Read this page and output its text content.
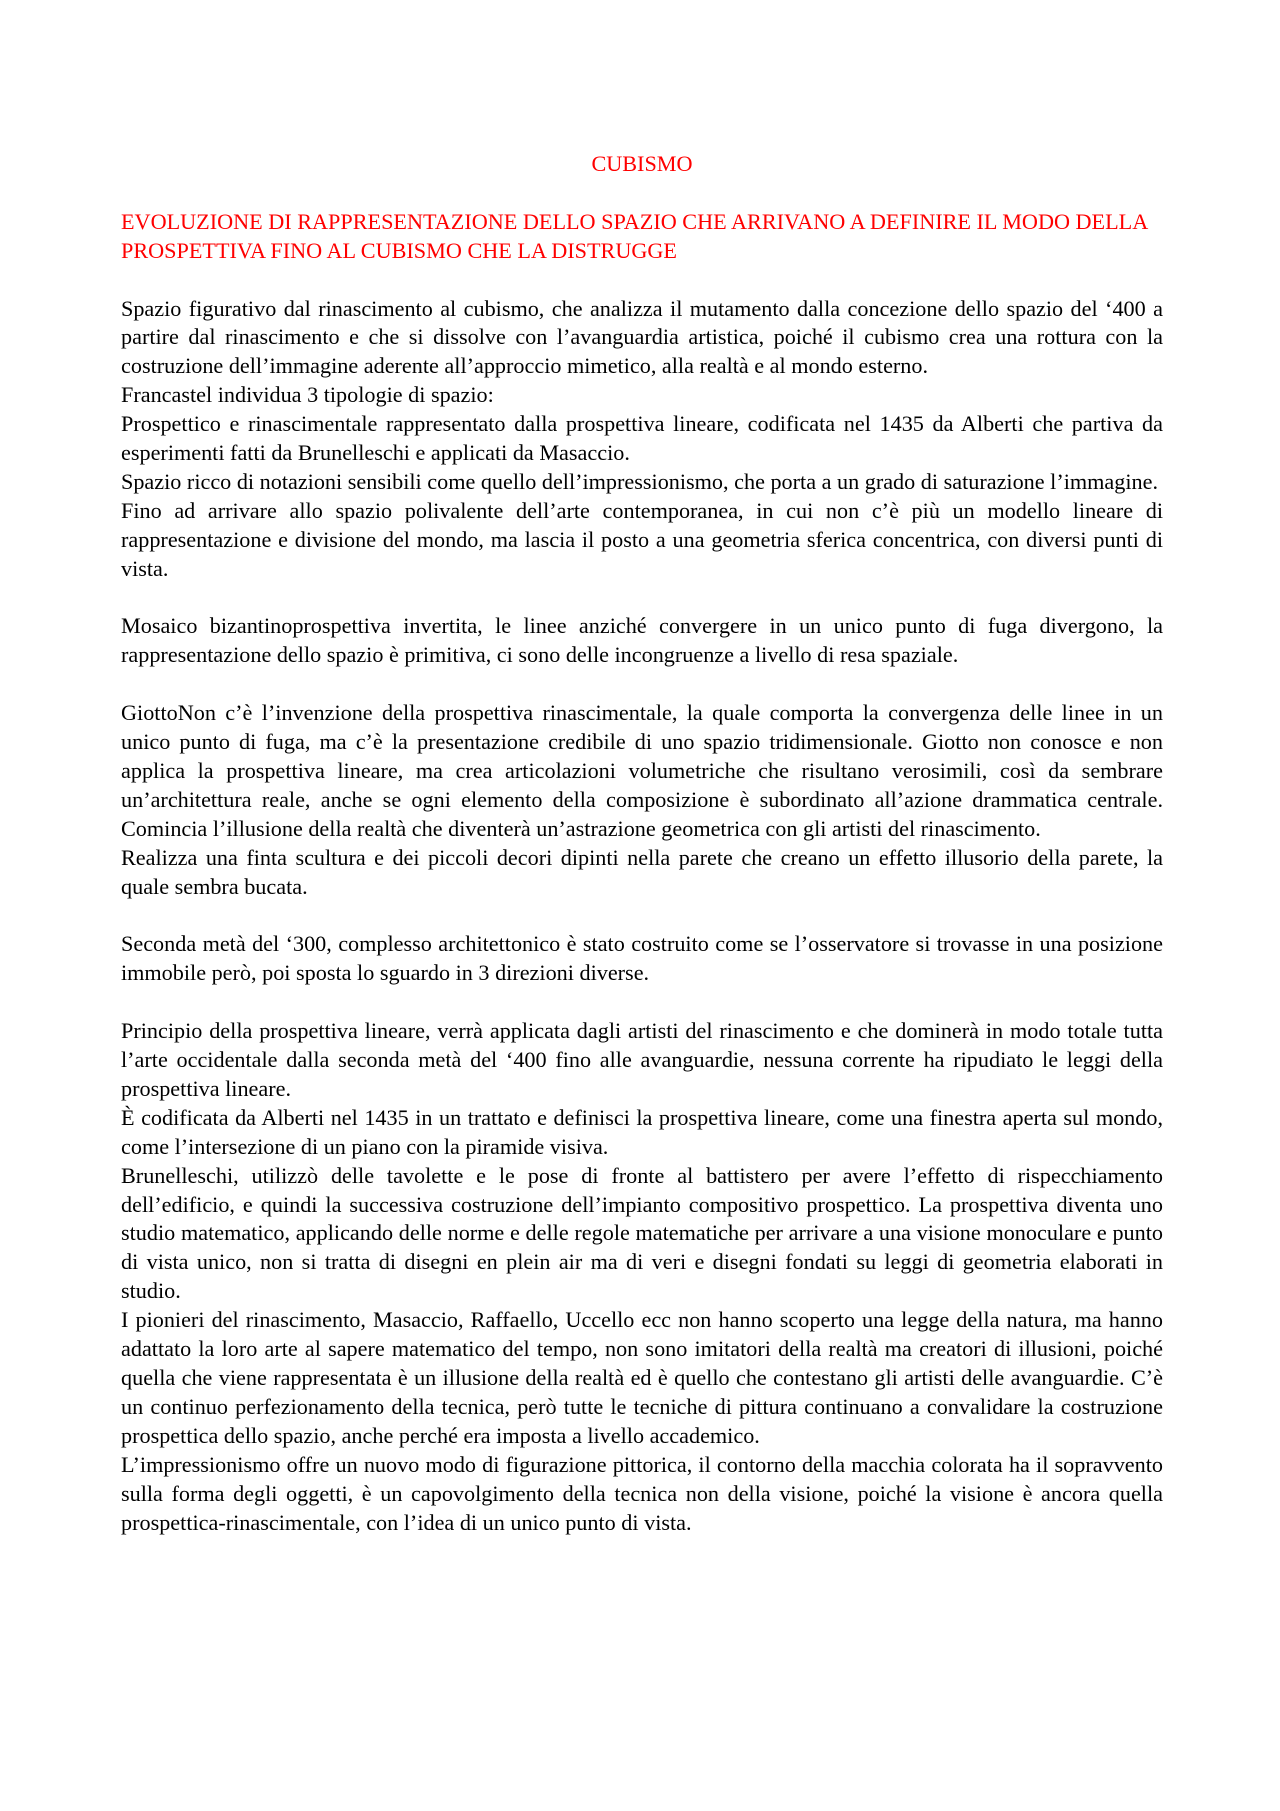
CUBISMO
EVOLUZIONE DI RAPPRESENTAZIONE DELLO SPAZIO CHE ARRIVANO A DEFINIRE IL MODO DELLA PROSPETTIVA FINO AL CUBISMO CHE LA DISTRUGGE

Spazio figurativo dal rinascimento al cubismo, che analizza il mutamento dalla concezione dello spazio del ‘400 a partire dal rinascimento e che si dissolve con l’avanguardia artistica, poiché il cubismo crea una rottura con la costruzione dell’immagine aderente all’approccio mimetico, alla realtà e al mondo esterno.

Francastel individua 3 tipologie di spazio:

Prospettico e rinascimentale rappresentato dalla prospettiva lineare, codificata nel 1435 da Alberti che partiva da esperimenti fatti da Brunelleschi e applicati da Masaccio.

Spazio ricco di notazioni sensibili come quello dell’impressionismo, che porta a un grado di saturazione l’immagine.

Fino ad arrivare allo spazio polivalente dell’arte contemporanea, in cui non c’è più un modello lineare di rappresentazione e divisione del mondo, ma lascia il posto a una geometria sferica concentrica, con diversi punti di vista.

Mosaico bizantinoprospettiva invertita, le linee anziché convergere in un unico punto di fuga divergono, la rappresentazione dello spazio è primitiva, ci sono delle incongruenze a livello di resa spaziale.

GiottoNon c’è l’invenzione della prospettiva rinascimentale, la quale comporta la convergenza delle linee in un unico punto di fuga, ma c’è la presentazione credibile di uno spazio tridimensionale. Giotto non conosce e non applica la prospettiva lineare, ma crea articolazioni volumetriche che risultano verosimili, così da sembrare un’architettura reale, anche se ogni elemento della composizione è subordinato all’azione drammatica centrale. Comincia l’illusione della realtà che diventerà un’astrazione geometrica con gli artisti del rinascimento.

Realizza una finta scultura e dei piccoli decori dipinti nella parete che creano un effetto illusorio della parete, la quale sembra bucata.

Seconda metà del ‘300, complesso architettonico è stato costruito come se l’osservatore si trovasse in una posizione immobile però, poi sposta lo sguardo in 3 direzioni diverse.

Principio della prospettiva lineare, verrà applicata dagli artisti del rinascimento e che dominerà in modo totale tutta l’arte occidentale dalla seconda metà del ‘400 fino alle avanguardie, nessuna corrente ha ripudiato le leggi della prospettiva lineare.

È codificata da Alberti nel 1435 in un trattato e definisci la prospettiva lineare, come una finestra aperta sul mondo, come l’intersezione di un piano con la piramide visiva.

Brunelleschi, utilizzò delle tavolette e le pose di fronte al battistero per avere l’effetto di rispecchiamento dell’edificio, e quindi la successiva costruzione dell’impianto compositivo prospettico. La prospettiva diventa uno studio matematico, applicando delle norme e delle regole matematiche per arrivare a una visione monoculare e punto di vista unico, non si tratta di disegni en plein air ma di veri e disegni fondati su leggi di geometria elaborati in studio.

I pionieri del rinascimento, Masaccio, Raffaello, Uccello ecc non hanno scoperto una legge della natura, ma hanno adattato la loro arte al sapere matematico del tempo, non sono imitatori della realtà ma creatori di illusioni, poiché quella che viene rappresentata è un illusione della realtà ed è quello che contestano gli artisti delle avanguardie. C’è un continuo perfezionamento della tecnica, però tutte le tecniche di pittura continuano a convalidare la costruzione prospettica dello spazio, anche perché era imposta a livello accademico.

L’impressionismo offre un nuovo modo di figurazione pittorica, il contorno della macchia colorata ha il sopravvento sulla forma degli oggetti, è un capovolgimento della tecnica non della visione, poiché la visione è ancora quella prospettica-rinascimentale, con l’idea di un unico punto di vista.
